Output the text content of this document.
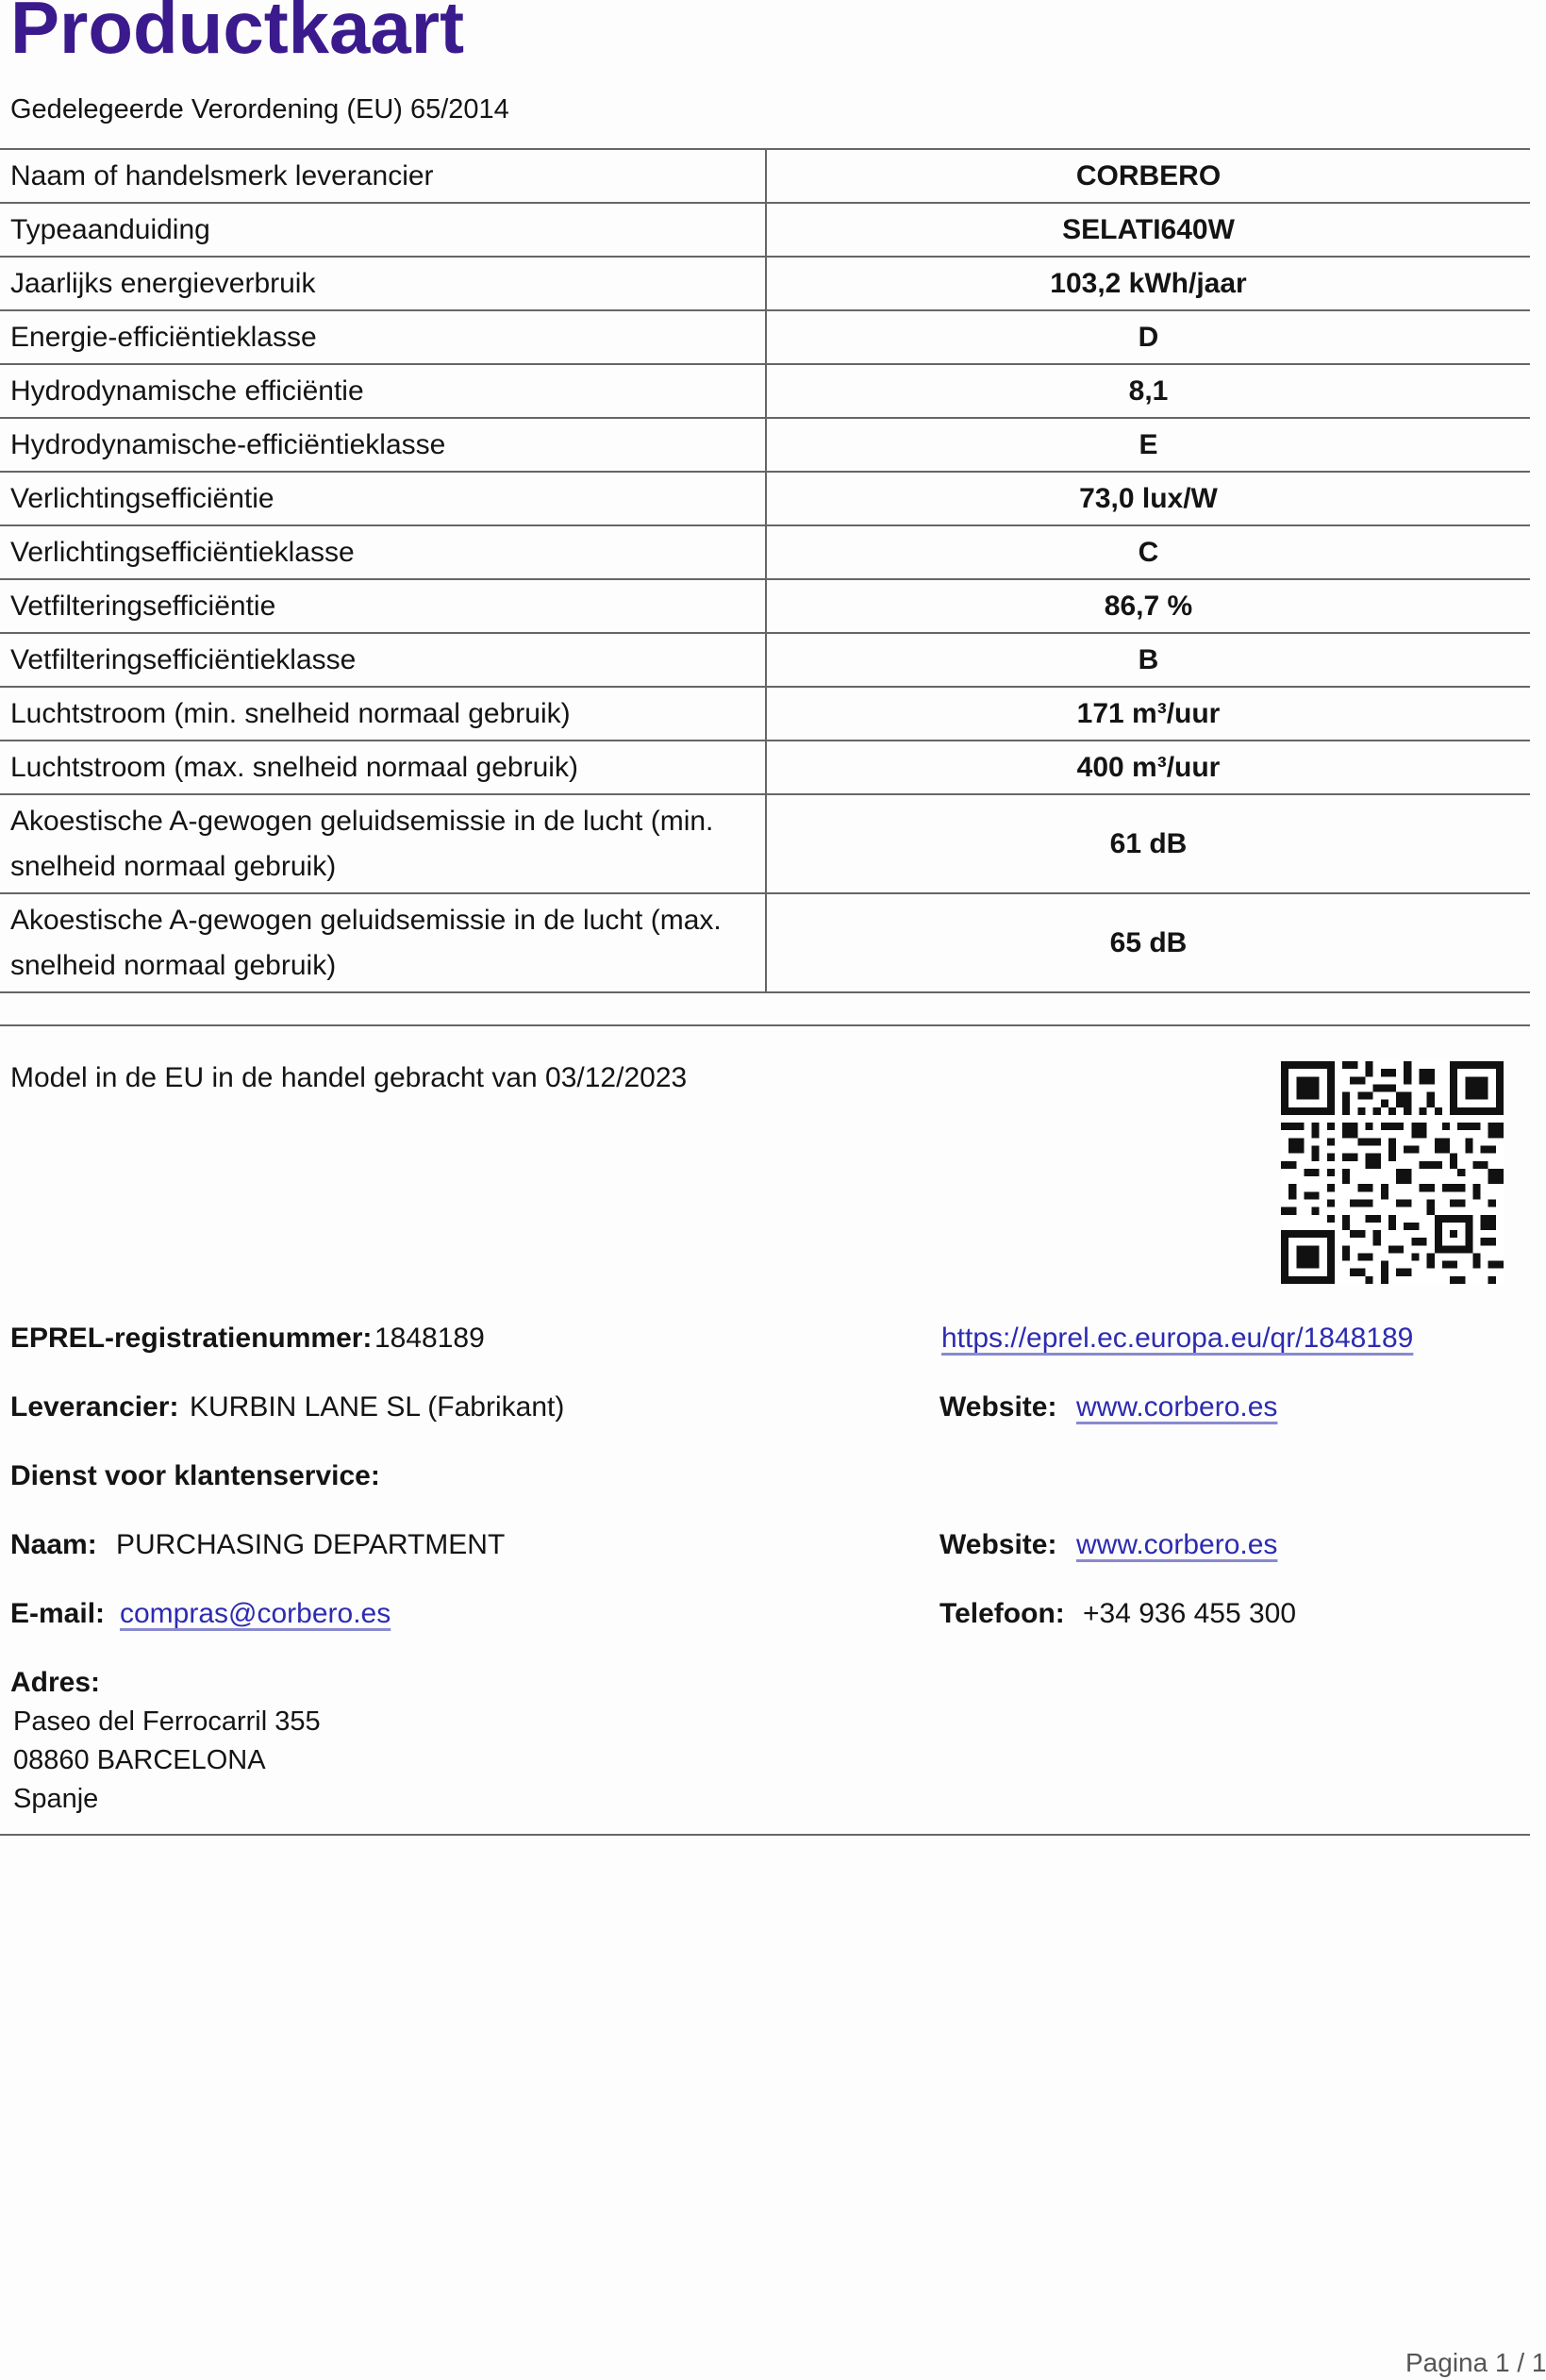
Productkaart
Gedelegeerde Verordening (EU) 65/2014
Naam of handelsmerk leverancier	CORBERO
Typeaanduiding	SELATI640W
Jaarlijks energieverbruik	103,2 kWh/jaar
Energie-efficiëntieklasse	D
Hydrodynamische efficiëntie	8,1
Hydrodynamische-efficiëntieklasse	E
Verlichtingsefficiëntie	73,0 lux/W
Verlichtingsefficiëntieklasse	C
Vetfilteringsefficiëntie	86,7 %
Vetfilteringsefficiëntieklasse	B
Luchtstroom (min. snelheid normaal gebruik)	171 m³/uur
Luchtstroom (max. snelheid normaal gebruik)	400 m³/uur
Akoestische A-gewogen geluidsemissie in de lucht (min. snelheid normaal gebruik)	61 dB
Akoestische A-gewogen geluidsemissie in de lucht (max. snelheid normaal gebruik)	65 dB
Model in de EU in de handel gebracht van 03/12/2023
EPREL-registratienummer: 1848189	https://eprel.ec.europa.eu/qr/1848189
Leverancier: KURBIN LANE SL (Fabrikant)	Website: www.corbero.es
Dienst voor klantenservice:
Naam: PURCHASING DEPARTMENT	Website: www.corbero.es
E-mail: compras@corbero.es	Telefoon: +34 936 455 300
Adres:
Paseo del Ferrocarril 355
08860 BARCELONA
Spanje
Pagina 1 / 1
